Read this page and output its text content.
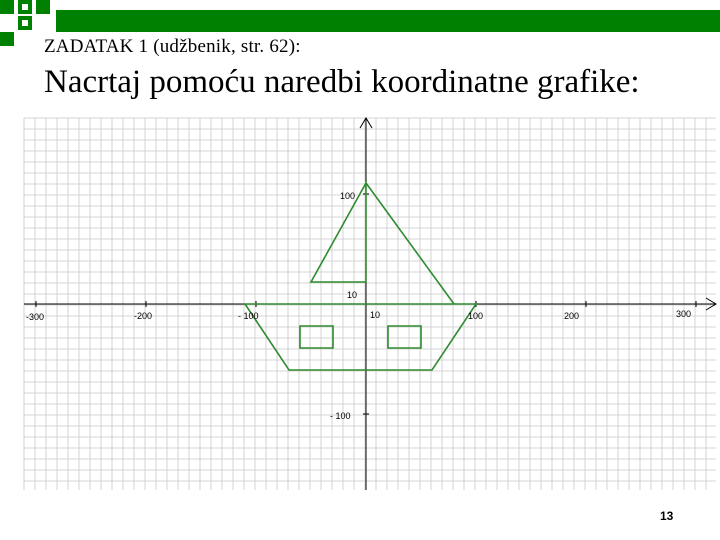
ZADATAK 1 (udžbenik, str. 62):
Nacrtaj pomoću naredbi koordinatne grafike:
-300	-200	- 100	10	100	200	300
100
10
- 100
13
